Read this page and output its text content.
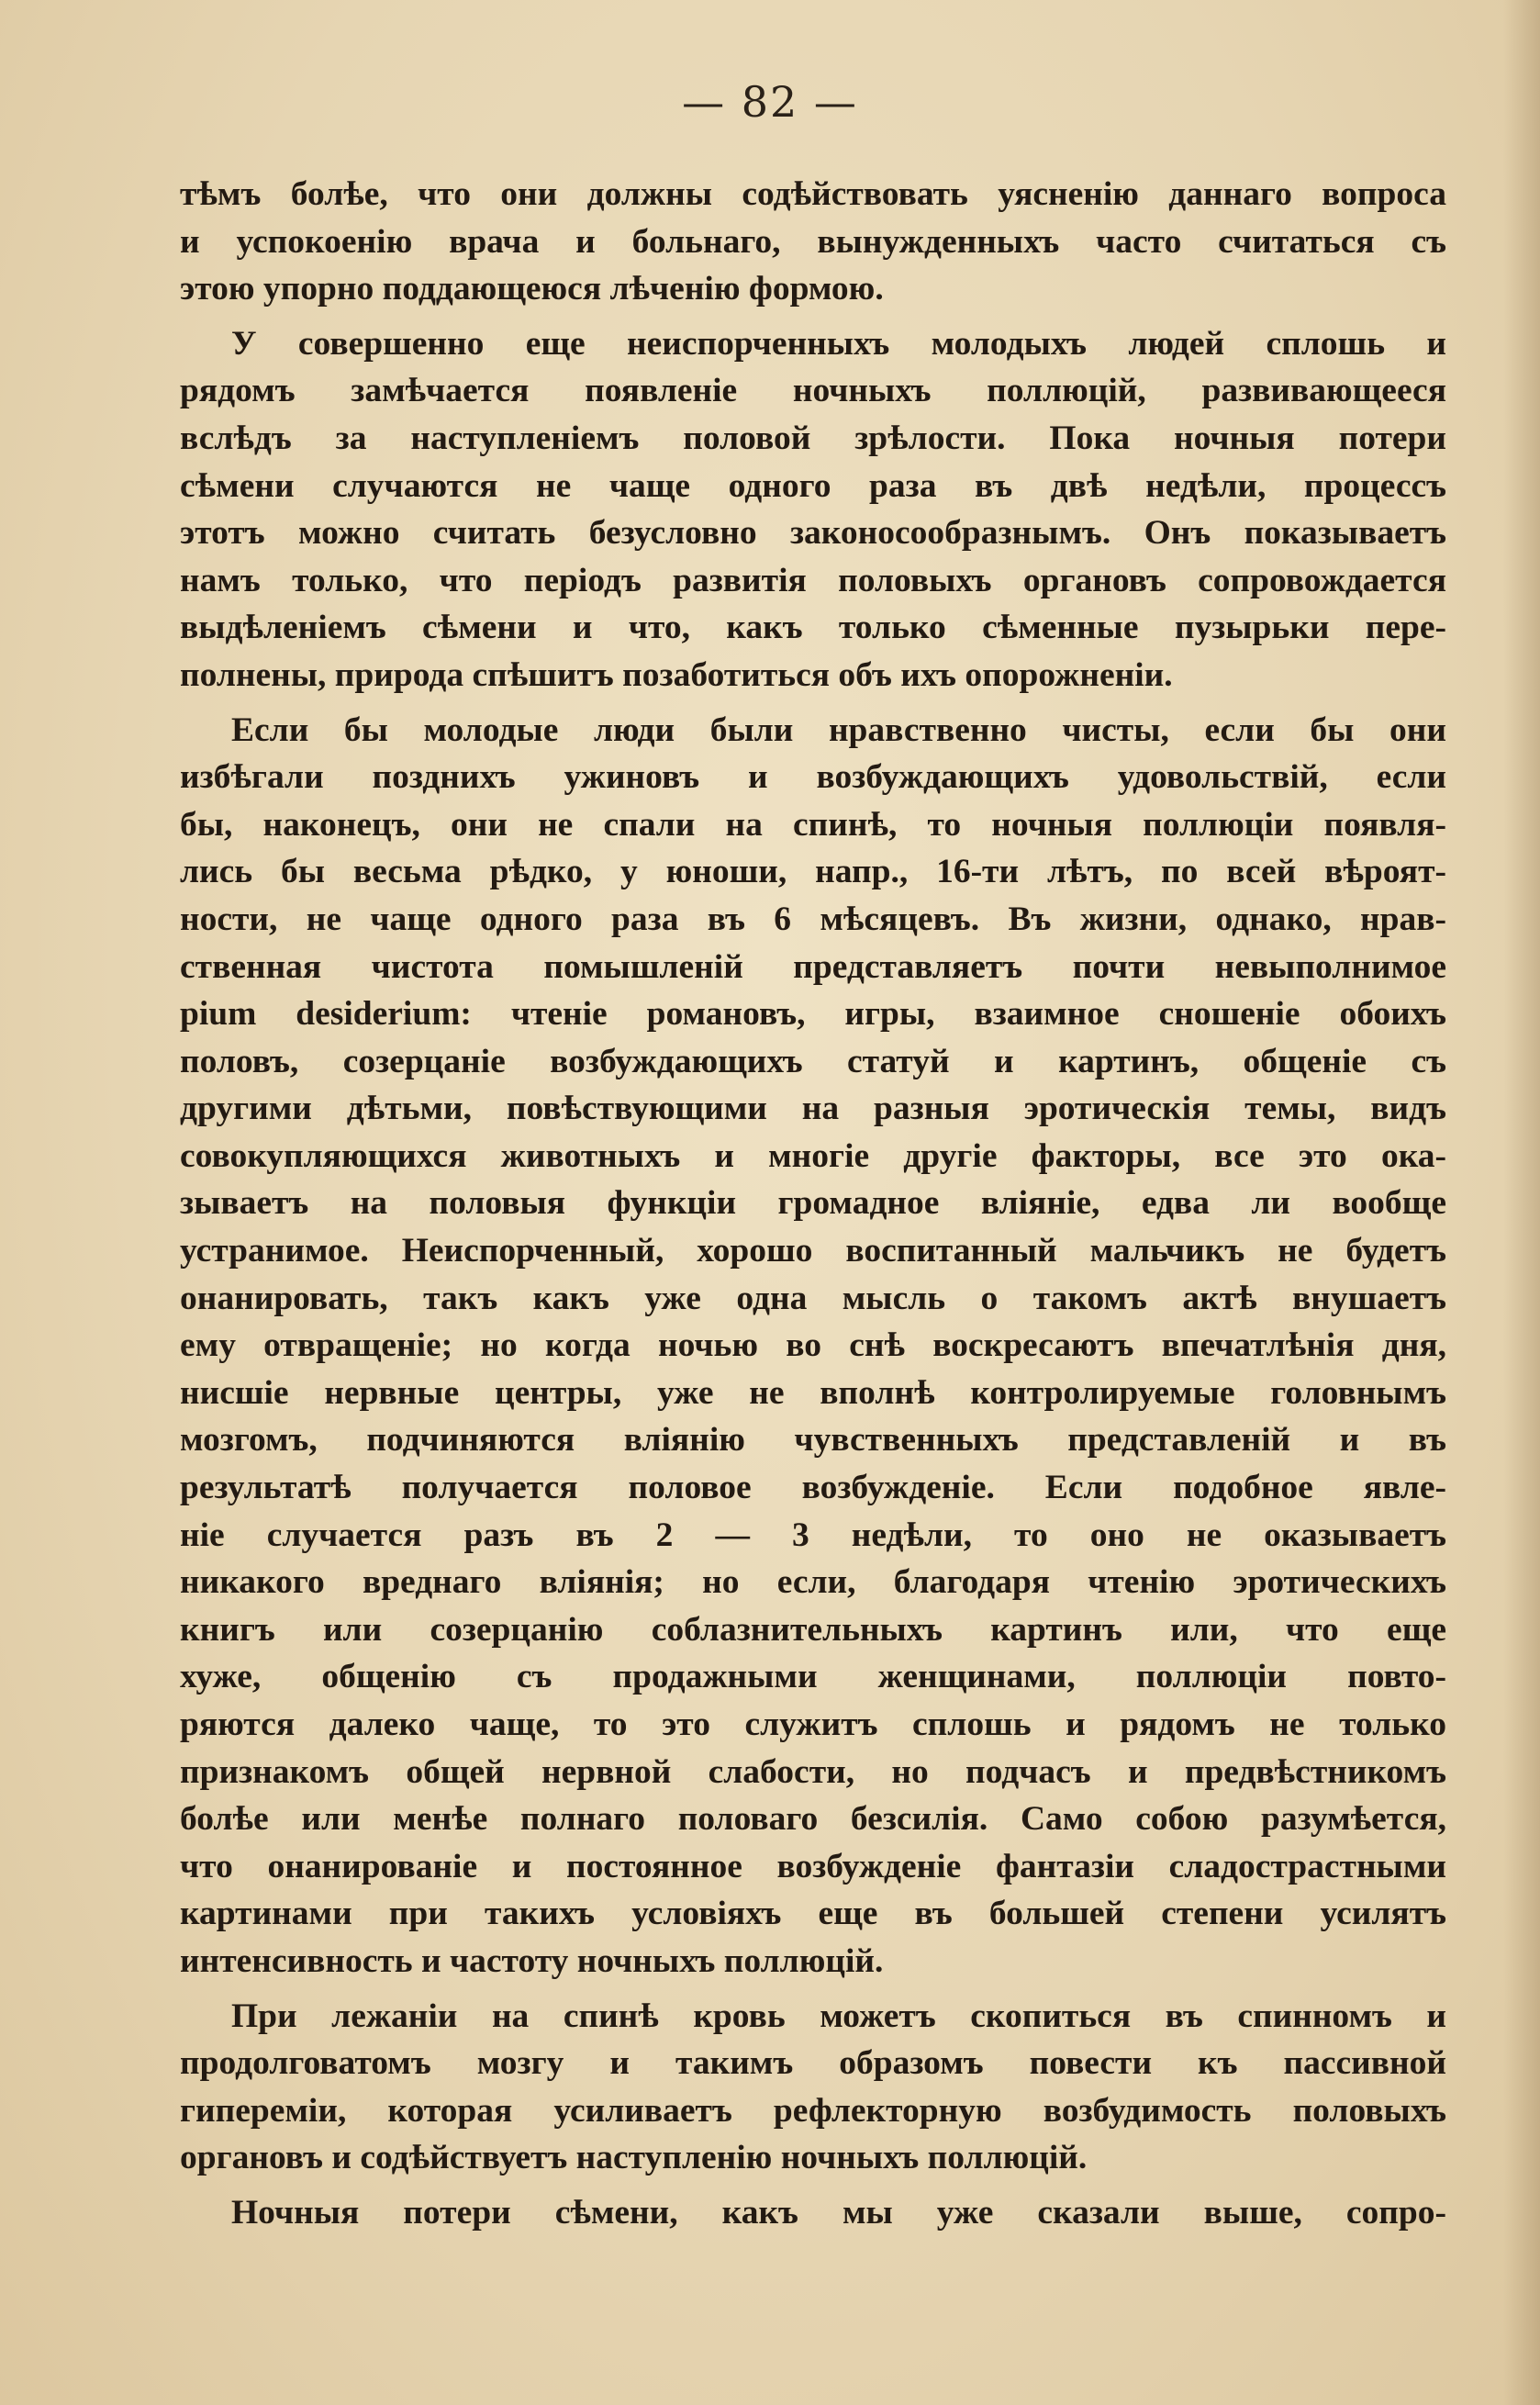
— 82 —
тѣмъ болѣе, что они должны содѣйствовать уясненію даннаго вопроса
и успокоенію врача и больнаго, вынужденныхъ часто считаться съ
этою упорно поддающеюся лѣченію формою.
У совершенно еще неиспорченныхъ молодыхъ людей сплошь и
рядомъ замѣчается появленіе ночныхъ поллюцій, развивающееся
вслѣдъ за наступленіемъ половой зрѣлости. Пока ночныя потери
сѣмени случаются не чаще одного раза въ двѣ недѣли, процессъ
этотъ можно считать безусловно законосообразнымъ. Онъ показываетъ
намъ только, что періодъ развитія половыхъ органовъ сопровождается
выдѣленіемъ сѣмени и что, какъ только сѣменные пузырьки пере-
полнены, природа спѣшитъ позаботиться объ ихъ опорожненіи.
Если бы молодые люди были нравственно чисты, если бы они
избѣгали позднихъ ужиновъ и возбуждающихъ удовольствій, если
бы, наконецъ, они не спали на спинѣ, то ночныя поллюціи появля-
лись бы весьма рѣдко, у юноши, напр., 16-ти лѣтъ, по всей вѣроят-
ности, не чаще одного раза въ 6 мѣсяцевъ. Въ жизни, однако, нрав-
ственная чистота помышленій представляетъ почти невыполнимое
pium desiderium: чтеніе романовъ, игры, взаимное сношеніе обоихъ
половъ, созерцаніе возбуждающихъ статуй и картинъ, общеніе съ
другими дѣтьми, повѣствующими на разныя эротическія темы, видъ
совокупляющихся животныхъ и многіе другіе факторы, все это ока-
зываетъ на половыя функціи громадное вліяніе, едва ли вообще
устранимое. Неиспорченный, хорошо воспитанный мальчикъ не будетъ
онанировать, такъ какъ уже одна мысль о такомъ актѣ внушаетъ
ему отвращеніе; но когда ночью во снѣ воскресаютъ впечатлѣнія дня,
нисшіе нервные центры, уже не вполнѣ контролируемые головнымъ
мозгомъ, подчиняются вліянію чувственныхъ представленій и въ
результатѣ получается половое возбужденіе. Если подобное явле-
ніе случается разъ въ 2 — 3 недѣли, то оно не оказываетъ
никакого вреднаго вліянія; но если, благодаря чтенію эротическихъ
книгъ или созерцанію соблазнительныхъ картинъ или, что еще
хуже, общенію съ продажными женщинами, поллюціи повто-
ряются далеко чаще, то это служитъ сплошь и рядомъ не только
признакомъ общей нервной слабости, но подчасъ и предвѣстникомъ
болѣе или менѣе полнаго половаго безсилія. Само собою разумѣется,
что онанированіе и постоянное возбужденіе фантазіи сладострастными
картинами при такихъ условіяхъ еще въ большей степени усилятъ
интенсивность и частоту ночныхъ поллюцій.
При лежаніи на спинѣ кровь можетъ скопиться въ спинномъ и
продолговатомъ мозгу и такимъ образомъ повести къ пассивной
гипереміи, которая усиливаетъ рефлекторную возбудимость половыхъ
органовъ и содѣйствуетъ наступленію ночныхъ поллюцій.
Ночныя потери сѣмени, какъ мы уже сказали выше, сопро-
